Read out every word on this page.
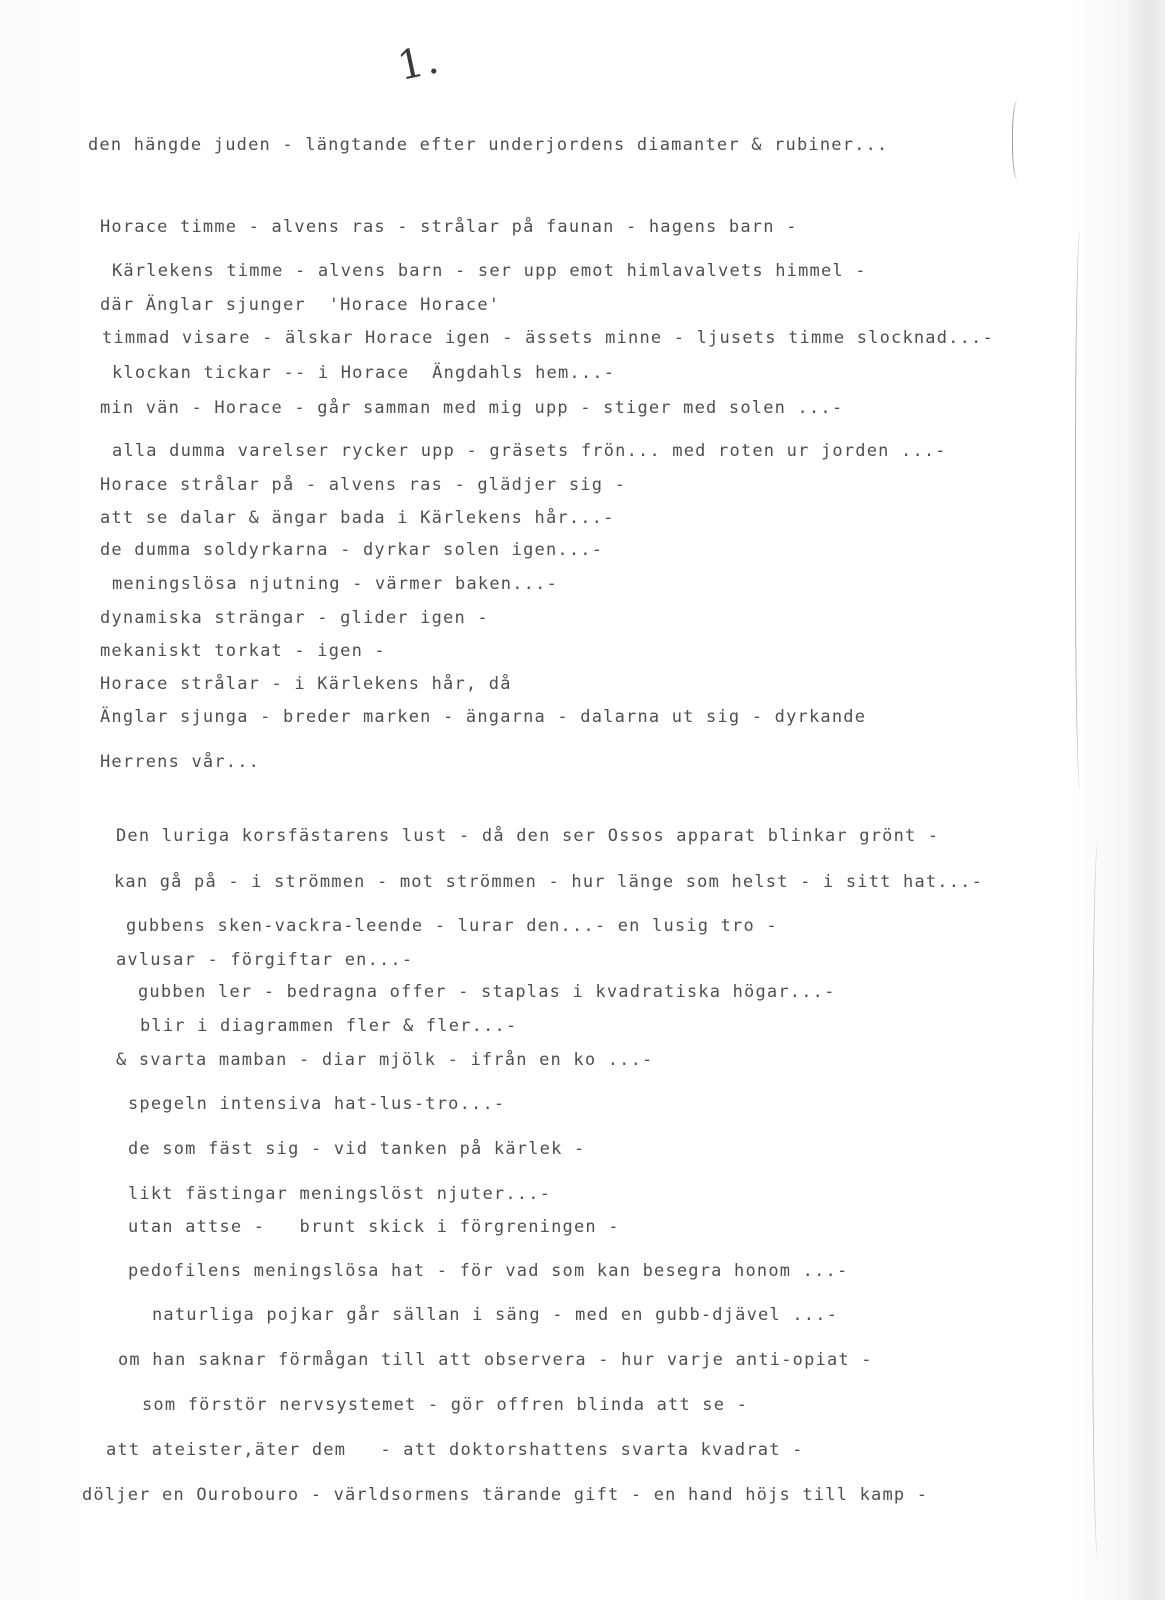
1.
den hängde juden - längtande efter underjordens diamanter & rubiner...
Horace timme - alvens ras - strålar på faunan - hagens barn -
Kärlekens timme - alvens barn - ser upp emot himlavalvets himmel -
där Änglar sjunger  'Horace Horace'
timmad visare - älskar Horace igen - ässets minne - ljusets timme slocknad...-
klockan tickar -- i Horace  Ängdahls hem...-
min vän - Horace - går samman med mig upp - stiger med solen ...-
alla dumma varelser rycker upp - gräsets frön... med roten ur jorden ...-
Horace strålar på - alvens ras - glädjer sig -
att se dalar & ängar bada i Kärlekens hår...-
de dumma soldyrkarna - dyrkar solen igen...-
meningslösa njutning - värmer baken...-
dynamiska strängar - glider igen -
mekaniskt torkat - igen -
Horace strålar - i Kärlekens hår, då
Änglar sjunga - breder marken - ängarna - dalarna ut sig - dyrkande
Herrens vår...
Den luriga korsfästarens lust - då den ser Ossos apparat blinkar grönt -
kan gå på - i strömmen - mot strömmen - hur länge som helst - i sitt hat...-
gubbens sken-vackra-leende - lurar den...- en lusig tro -
avlusar - förgiftar en...-
gubben ler - bedragna offer - staplas i kvadratiska högar...-
blir i diagrammen fler & fler...-
& svarta mamban - diar mjölk - ifrån en ko ...-
spegeln intensiva hat-lus-tro...-
de som fäst sig - vid tanken på kärlek -
likt fästingar meningslöst njuter...-
utan attse -   brunt skick i förgreningen -
pedofilens meningslösa hat - för vad som kan besegra honom ...-
naturliga pojkar går sällan i säng - med en gubb-djävel ...-
om han saknar förmågan till att observera - hur varje anti-opiat -
som förstör nervsystemet - gör offren blinda att se -
att ateister,äter dem   - att doktorshattens svarta kvadrat -
döljer en Ourobouro - världsormens tärande gift - en hand höjs till kamp -
